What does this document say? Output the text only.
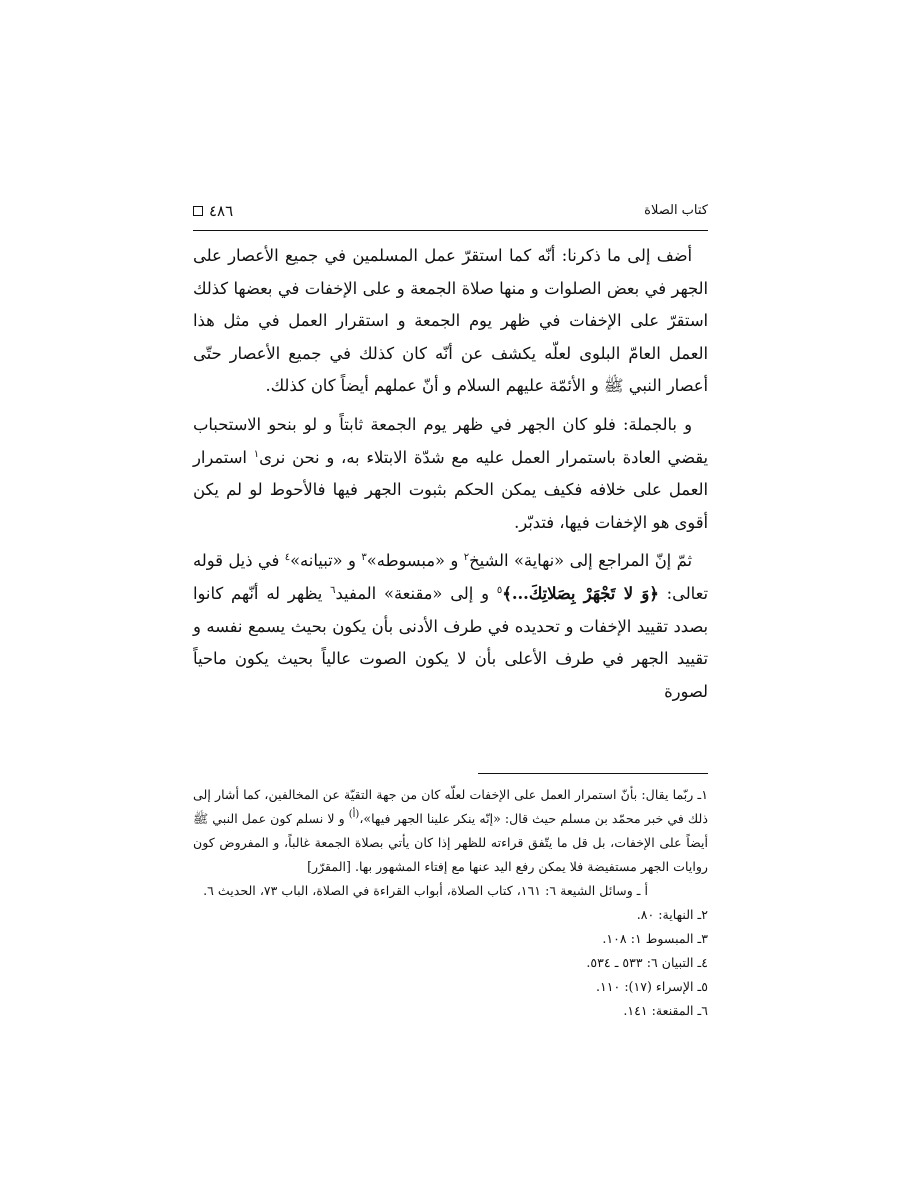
كتاب الصلاة
٤٨٦

أضف إلى ما ذكرنا: أنّه كما استقرّ عمل المسلمين في جميع الأعصار على الجهر في بعض الصلوات و منها صلاة الجمعة و على الإخفات في بعضها كذلك استقرّ على الإخفات في ظهر يوم الجمعة و استقرار العمل في مثل هذا العمل العامّ البلوى لعلّه يكشف عن أنّه كان كذلك في جميع الأعصار حتّى أعصار النبي ﷺ و الأئمّة عليهم السلام و أنّ عملهم أيضاً كان كذلك.

و بالجملة: فلو كان الجهر في ظهر يوم الجمعة ثابتاً و لو بنحو الاستحباب يقضي العادة باستمرار العمل عليه مع شدّة الابتلاء به، و نحن نرى$^١$ استمرار العمل على خلافه فكيف يمكن الحكم بثبوت الجهر فيها فالأحوط لو لم يكن أقوى هو الإخفات فيها، فتدبّر.

ثمّ إنّ المراجع إلى «نهاية» الشيخ$^٢$ و «مبسوطه»$^٣$ و «تبيانه»$^٤$ في ذيل قوله تعالى: ﴿وَ لا تَجْهَرْ بِصَلاتِكَ...﴾$^٥$ و إلى «مقنعة» المفيد$^٦$ يظهر له أنّهم كانوا بصدد تقييد الإخفات و تحديده في طرف الأدنى بأن يكون بحيث يسمع نفسه و تقييد الجهر في طرف الأعلى بأن لا يكون الصوت عالياً بحيث يكون ماحياً لصورة

١ـ ربّما يقال: بأنّ استمرار العمل على الإخفات لعلّه كان من جهة التقيّة عن المخالفين، كما أشار إلى ذلك في خبر محمّد بن مسلم حيث قال: «إنّه ينكر علينا الجهر فيها»،$^{(أ)}$ و لا نسلم كون عمل النبي ﷺ أيضاً على الإخفات، بل قل ما يتّفق قراءته للظهر إذا كان يأتي بصلاة الجمعة غالباً، و المفروض كون روايات الجهر مستفيضة فلا يمكن رفع اليد عنها مع إفتاء المشهور بها. [المقرّر]

أ ـ وسائل الشيعة ٦: ١٦١، كتاب الصلاة، أبواب القراءة في الصلاة، الباب ٧٣، الحديث ٦.

٢ـ النهاية: ٨٠.

٣ـ المبسوط ١: ١٠٨.

٤ـ التبيان ٦: ٥٣٣ ـ ٥٣٤.

٥ـ الإسراء (١٧): ١١٠.

٦ـ المقنعة: ١٤١.
